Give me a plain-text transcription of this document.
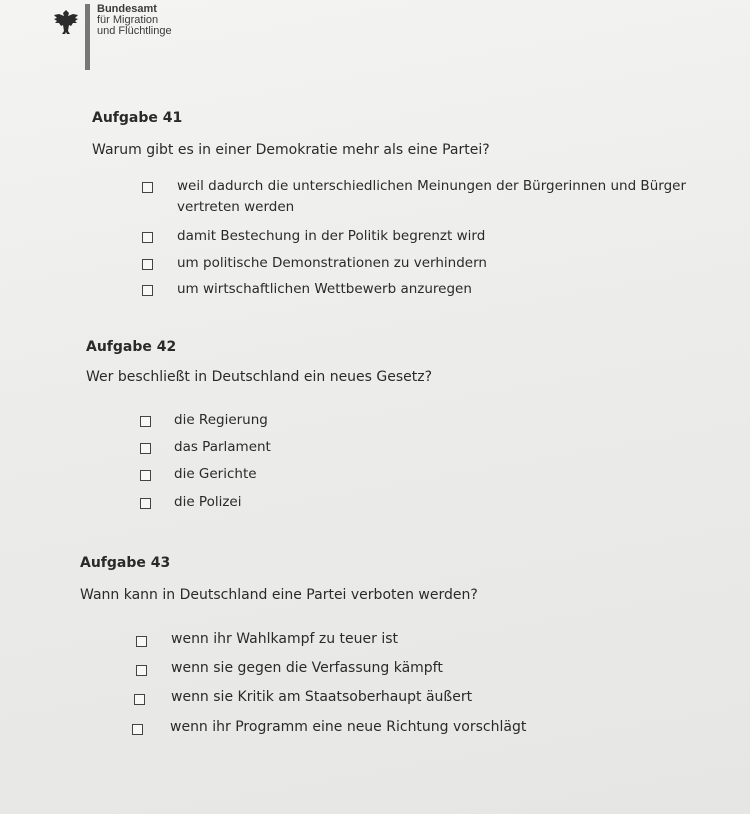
Bundesamt
für Migration
und Flüchtlinge
Aufgabe 41
Warum gibt es in einer Demokratie mehr als eine Partei?
weil dadurch die unterschiedlichen Meinungen der Bürgerinnen und Bürger
vertreten werden
damit Bestechung in der Politik begrenzt wird
um politische Demonstrationen zu verhindern
um wirtschaftlichen Wettbewerb anzuregen
Aufgabe 42
Wer beschließt in Deutschland ein neues Gesetz?
die Regierung
das Parlament
die Gerichte
die Polizei
Aufgabe 43
Wann kann in Deutschland eine Partei verboten werden?
wenn ihr Wahlkampf zu teuer ist
wenn sie gegen die Verfassung kämpft
wenn sie Kritik am Staatsoberhaupt äußert
wenn ihr Programm eine neue Richtung vorschlägt
